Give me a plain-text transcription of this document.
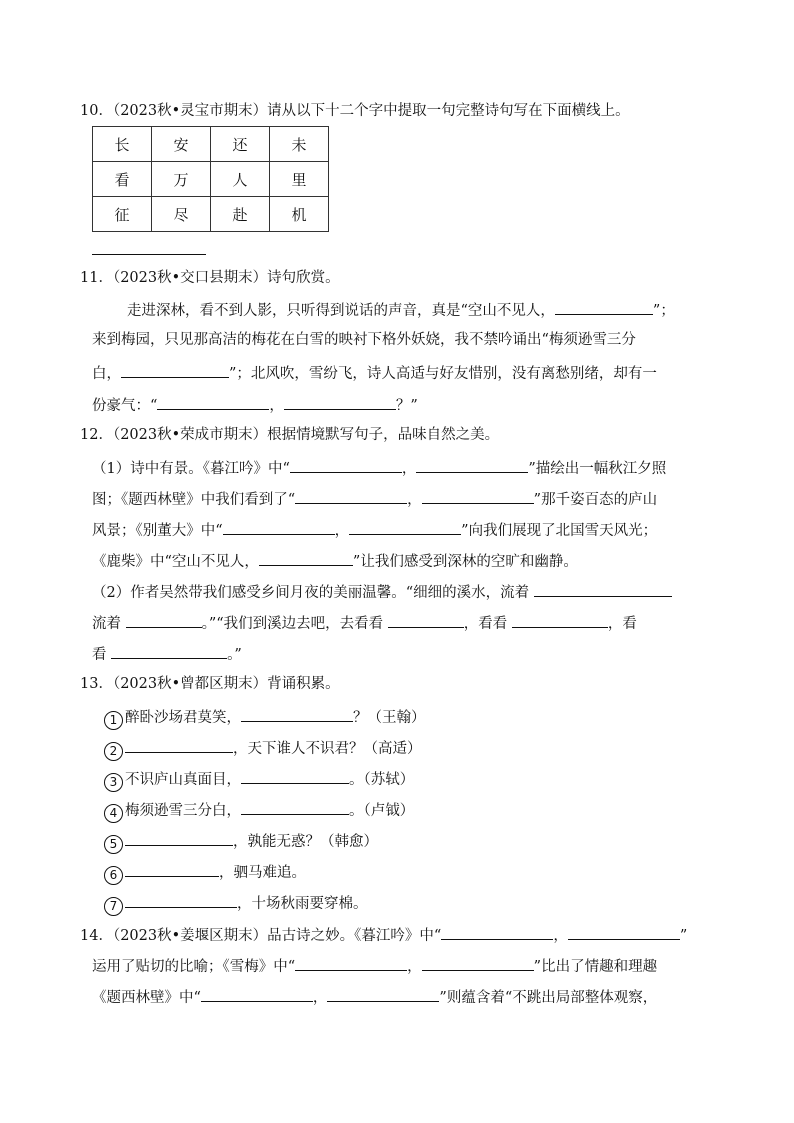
10．（2023秋•灵宝市期末）请从以下十二个字中提取一句完整诗句写在下面横线上。
长	安	还	未
看	万	人	里
征	尽	赴	机
11．（2023秋•交口县期末）诗句欣赏。
走进深林，看不到人影，只听得到说话的声音，真是“空山不见人，	”；
来到梅园，只见那高洁的梅花在白雪的映衬下格外妖娆，我不禁吟诵出“梅须逊雪三分
白，	”；北风吹，雪纷飞，诗人高适与好友惜别，没有离愁别绪，却有一
份豪气：“	，	？”
12．（2023秋•荣成市期末）根据情境默写句子，品味自然之美。
（1）诗中有景。《暮江吟》中“	，	”描绘出一幅秋江夕照
图；《题西林壁》中我们看到了“	，	”那千姿百态的庐山
风景；《别董大》中“	，	”向我们展现了北国雪天风光；
《鹿柴》中“空山不见人，	”让我们感受到深林的空旷和幽静。
（2）作者吴然带我们感受乡间月夜的美丽温馨。“细细的溪水，流着
流着	。”“我们到溪边去吧，去看看	，看看	，看
看	。”
13．（2023秋•曾都区期末）背诵积累。
1 醉卧沙场君莫笑，	？（王翰）
2	，天下谁人不识君？（高适）
3 不识庐山真面目，	。（苏轼）
4 梅须逊雪三分白，	。（卢钺）
5	，孰能无惑？（韩愈）
6	，驷马难追。
7	，十场秋雨要穿棉。
14．（2023秋•姜堰区期末）品古诗之妙。《暮江吟》中“	，	”
运用了贴切的比喻；《雪梅》中“	，	”比出了情趣和理趣
《题西林壁》中“	，	”则蕴含着“不跳出局部整体观察，
